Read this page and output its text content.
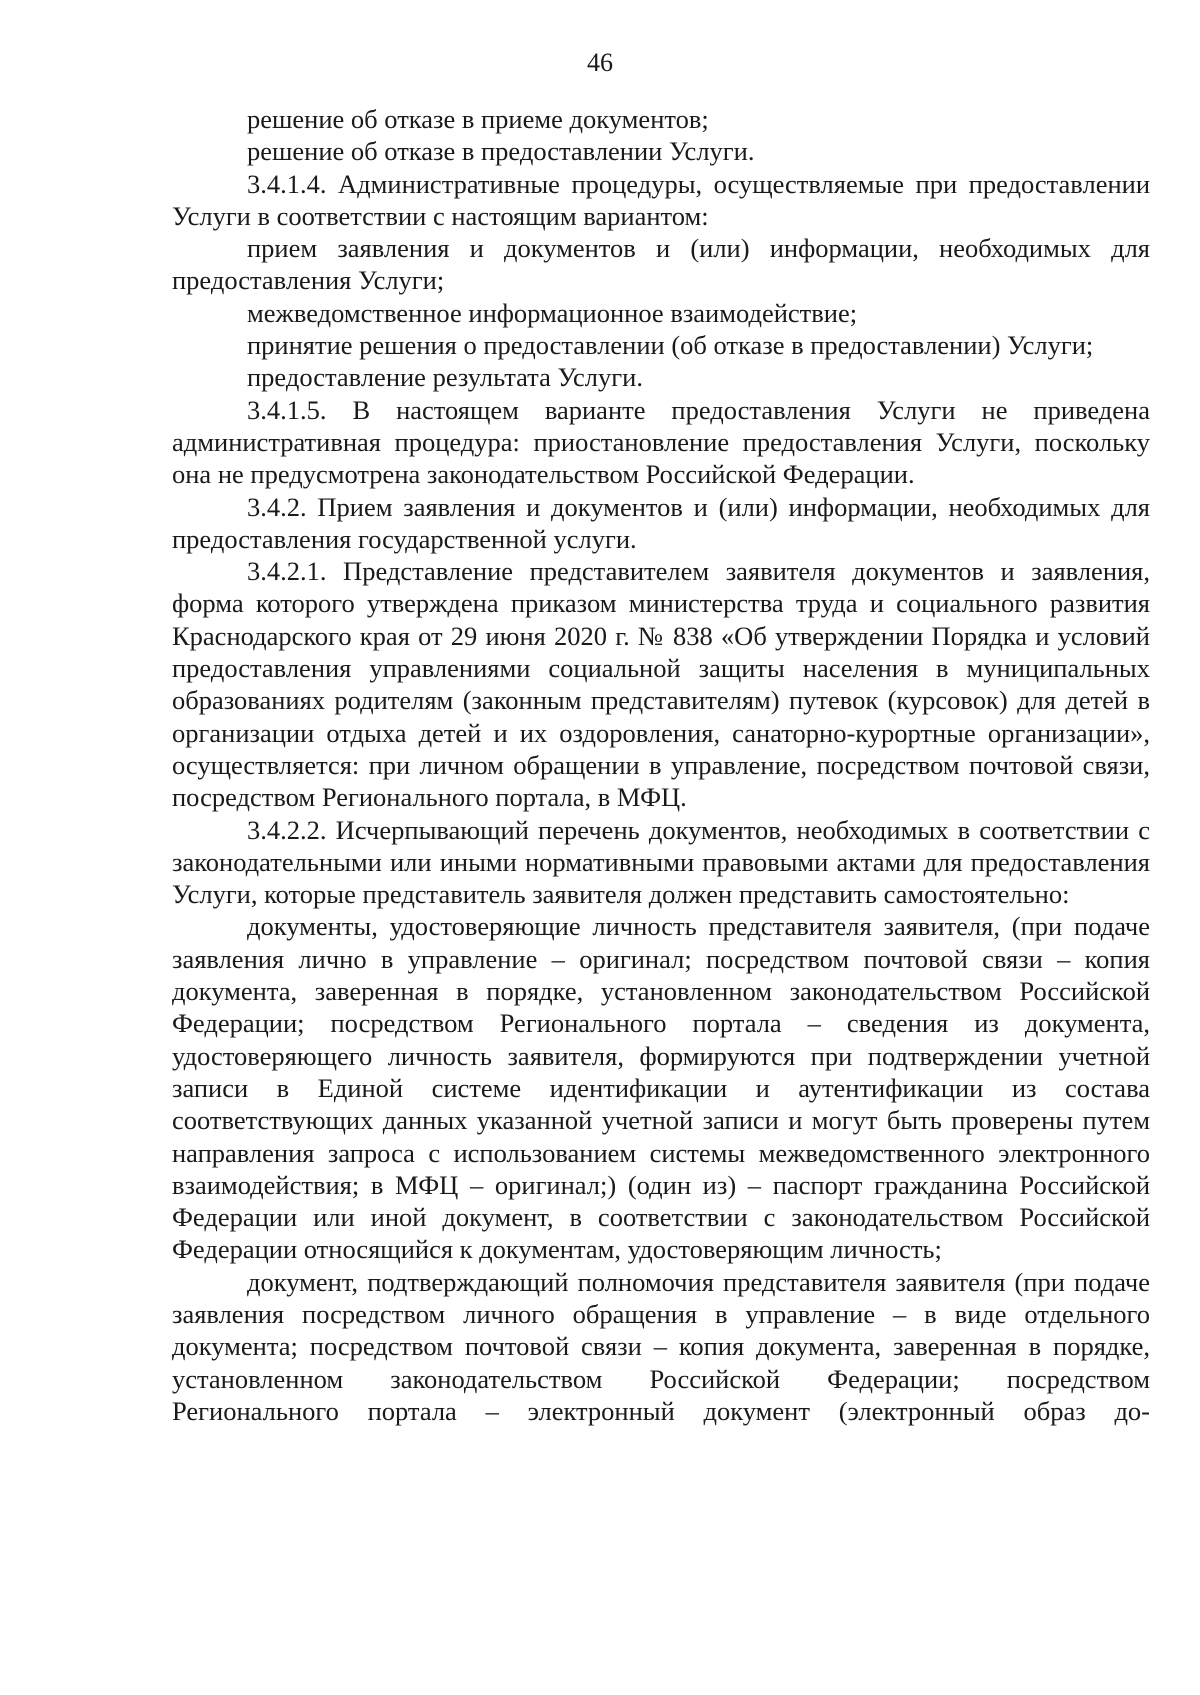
46

решение об отказе в приеме документов;

решение об отказе в предоставлении Услуги.

3.4.1.4. Административные процедуры, осуществляемые при предоставлении Услуги в соответствии с настоящим вариантом:

прием заявления и документов и (или) информации, необходимых для предоставления Услуги;

межведомственное информационное взаимодействие;

принятие решения о предоставлении (об отказе в предоставлении) Услуги;

предоставление результата Услуги.

3.4.1.5. В настоящем варианте предоставления Услуги не приведена административная процедура: приостановление предоставления Услуги, поскольку она не предусмотрена законодательством Российской Федерации.

3.4.2. Прием заявления и документов и (или) информации, необходимых для предоставления государственной услуги.

3.4.2.1. Представление представителем заявителя документов и заявления, форма которого утверждена приказом министерства труда и социального развития Краснодарского края от 29 июня 2020 г. № 838 «Об утверждении Порядка и условий предоставления управлениями социальной защиты населения в муниципальных образованиях родителям (законным представителям) путевок (курсовок) для детей в организации отдыха детей и их оздоровления, санаторно-курортные организации», осуществляется: при личном обращении в управление, посредством почтовой связи, посредством Регионального портала, в МФЦ.

3.4.2.2. Исчерпывающий перечень документов, необходимых в соответствии с законодательными или иными нормативными правовыми актами для предоставления Услуги, которые представитель заявителя должен представить самостоятельно:

документы, удостоверяющие личность представителя заявителя, (при подаче заявления лично в управление – оригинал; посредством почтовой связи – копия документа, заверенная в порядке, установленном законодательством Российской Федерации; посредством Регионального портала – сведения из документа, удостоверяющего личность заявителя, формируются при подтверждении учетной записи в Единой системе идентификации и аутентификации из состава соответствующих данных указанной учетной записи и могут быть проверены путем направления запроса с использованием системы межведомственного электронного взаимодействия; в МФЦ – оригинал;) (один из) – паспорт гражданина Российской Федерации или иной документ, в соответствии с законодательством Российской Федерации относящийся к документам, удостоверяющим личность;

документ, подтверждающий полномочия представителя заявителя (при подаче заявления посредством личного обращения в управление – в виде отдельного документа; посредством почтовой связи – копия документа, заверенная в порядке, установленном законодательством Российской Федерации; посредством Регионального портала – электронный документ (электронный образ до-
